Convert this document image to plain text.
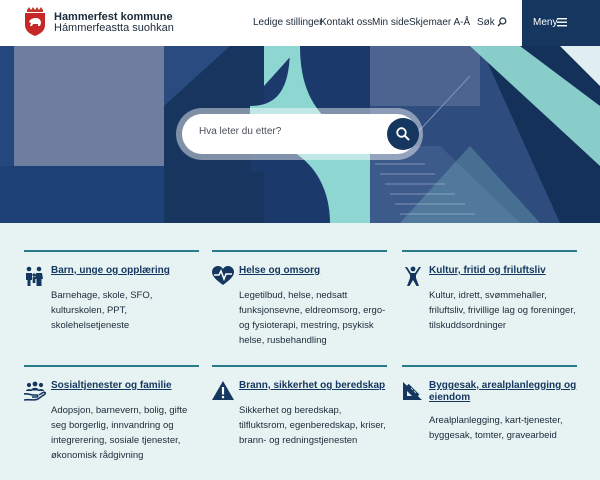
Hammerfest kommune
Hámmerfeastta suohkan	Ledige stillinger
Kontakt oss Min side Skjemaer A-Å Søk	Meny
Hva leter du etter?
Barn, unge og opplæring
Barnehage, skole, SFO, kulturskolen, PPT, skolehelsetjeneste
Helse og omsorg
Legetilbud, helse, nedsatt funksjonsevne, eldreomsorg, ergo- og fysioterapi, mestring, psykisk helse, rusbehandling
Kultur, fritid og friluftsliv
Kultur, idrett, svømmehaller, friluftsliv, frivillige lag og foreninger, tilskuddsordninger
Sosialtjenester og familie
Adopsjon, barnevern, bolig, gifte seg borgerlig, innvandring og integrerering, sosiale tjenester, økonomisk rådgivning
Brann, sikkerhet og beredskap
Sikkerhet og beredskap, tilfluktsrom, egenberedskap, kriser, brann- og redningstjenesten
Byggesak, arealplanlegging og eiendom
Arealplanlegging, kart-tjenester, byggesak, tomter, gravearbeid
